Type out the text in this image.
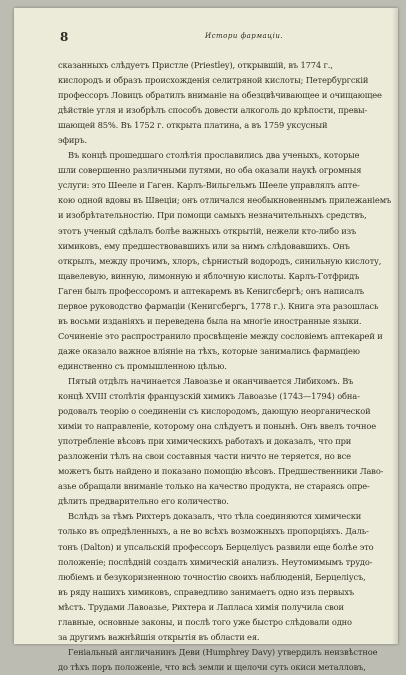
8	Истори фармаціи.
сказанныхъ слѣдуетъ Пристле (Priestley), открывшій, въ 1774 г.,
кислородъ и образъ происхожденія селитряной кислоты; Петербургскій
профессоръ Ловицъ обратилъ вниманіе на обезцвѣчивающее и очищающее
дѣйствіе угля и изобрѣлъ способъ довести алкоголь до крѣпости, превы-
шающей 85%. Въ 1752 г. открыта платина, а въ 1759 уксусный
эфиръ.
Въ концѣ прошедшаго столѣтія прославились два ученыхъ, которые
шли совершенно различными путями, но оба оказали наукѣ огромныя
услуги: это Шееле и Гаген. Карлъ-Вильгельмъ Шееле управлялъ апте-
кою одной вдовы въ Швеціи; онъ отличался необыкновеннымъ прилежаніемъ
и изобрѣтательностію. При помощи самыхъ незначительныхъ средствъ,
этотъ ученый сдѣлалъ болѣе важныхъ открытій, нежели кто-либо изъ
химиковъ, ему предшествовавшихъ или за нимъ слѣдовавшихъ. Онъ
открылъ, между прочимъ, хлоръ, сѣрнистый водородъ, синильную кислоту,
щавелевую, винную, лимонную и яблочную кислоты. Карлъ-Готфридъ
Гаген былъ профессоромъ и аптекаремъ въ Кенигсбергѣ; онъ написалъ
первое руководство фармаціи (Кенигсбергъ, 1778 г.). Книга эта разошлась
въ восьми изданіяхъ и переведена была на многіе иностранные языки.
Сочиненіе это распространило просвѣщеніе между сословіемъ аптекарей и
даже оказало важное вліяніе на тѣхъ, которые занимались фармаціею
единственно съ промышленною цѣлью.
Пятый отдѣлъ начинается Лавоазье и оканчивается Либихомъ. Въ
концѣ XVIII столѣтія французскій химикъ Лавоазье (1743—1794) обна-
родовалъ теорію о соединеніи съ кислородомъ, дающую неорганической
химіи то направленіе, которому она слѣдуетъ и понынѣ. Онъ ввелъ точное
употребленіе вѣсовъ при химическихъ работахъ и доказалъ, что при
разложеніи тѣлъ на свои составныя части ничто не теряется, но все
можетъ быть найдено и показано помощію вѣсовъ. Предшественники Лаво-
азье обращали вниманіе только на качество продукта, не стараясь опре-
дѣлить предварительно его количество.
Вслѣдъ за тѣмъ Рихтеръ доказалъ, что тѣла соединяются химически
только въ опредѣленныхъ, а не во всѣхъ возможныхъ пропорціяхъ. Даль-
тонъ (Dalton) и упсальскій профессоръ Берцеліусъ развили еще болѣе это
положеніе; послѣдній создалъ химическій анализъ. Неутомимымъ трудо-
любіемъ и безукоризненною точностію своихъ наблюденій, Берцеліусъ,
въ ряду нашихъ химиковъ, справедливо занимаетъ одно изъ первыхъ
мѣстъ. Трудами Лавоазье, Рихтера и Лапласа химія получила свои
главные, основные законы, и послѣ того уже быстро слѣдовали одно
за другимъ важнѣйшія открытія въ области ея.
Геніальный англичанинъ Деви (Humphrey Davy) утвердилъ неизвѣстное
до тѣхъ поръ положеніе, что всѣ земли и щелочи суть окиси металловъ,
